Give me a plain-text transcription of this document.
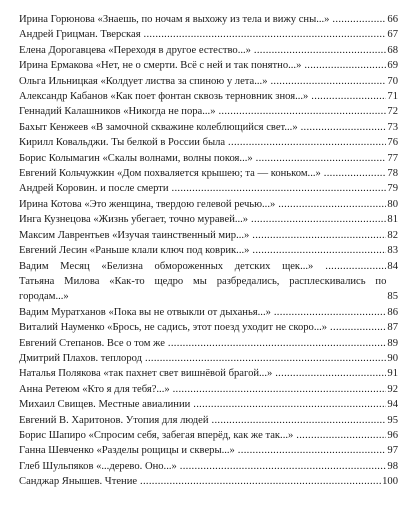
Ирина Горюнова «Знаешь, по ночам я выхожу из тела и вижу сны...» .....	66
Андрей Грицман. Тверская .....	67
Елена Дорогавцева «Переходя в другое естество...» .....	68
Ирина Ермакова «Нет, не о смерти. Всё с ней и так понятно...» .....	69
Ольга Ильницкая «Колдует листва за спиною у лета...» .....	70
Александр Кабанов «Как поет фонтан сквозь терновник зноя...» .....	71
Геннадий Калашников «Никогда не пора...» .....	72
Бахыт Кенжеев «В замочной скважине колеблющийся свет...» .....	73
Кирилл Ковальджи. Ты белкой в России была .....	76
Борис Колымагин «Скалы волнами, волны покоя...» .....	77
Евгений Кольчужкин «Дом похваляется крышею; та — коньком...» .....	78
Андрей Коровин. и после смерти .....	79
Ирина Котова «Это женщина, твердою гелевой речью...» .....	80
Инга Кузнецова «Жизнь убегает, точно муравей...» .....	81
Максим Лаврентьев «Изучая таинственный мир...» .....	82
Евгений Лесин «Раньше клали ключ под коврик...» .....	83
Вадим Месяц «Белизна обмороженных детских щек...» .....	84
Татьяна Милова «Как-то щедро мы разбредались, расплескивались по городам...»	85
Вадим Муратханов «Пока вы не отвыкли от дыханья...» .....	86
Виталий Науменко «Брось, не садись, этот поезд уходит не скоро...» .....	87
Евгений Степанов. Все о том же .....	89
Дмитрий Плахов. теплород .....	90
Наталья Полякова «так пахнет свет вишнёвой брагой...» .....	91
Анна Ретеюм «Кто я для тебя?...» .....	92
Михаил Свищев. Местные авиалинии .....	94
Евгений В. Харитонов. Утопия для людей .....	95
Борис Шапиро «Спросим себя, забегая вперёд, как же так...» .....	96
Ганна Шевченко «Разделы рощицы и скверы...» .....	97
Глеб Шульпяков «...дерево. Оно...» .....	98
Санджар Янышев. Чтение .....	100
